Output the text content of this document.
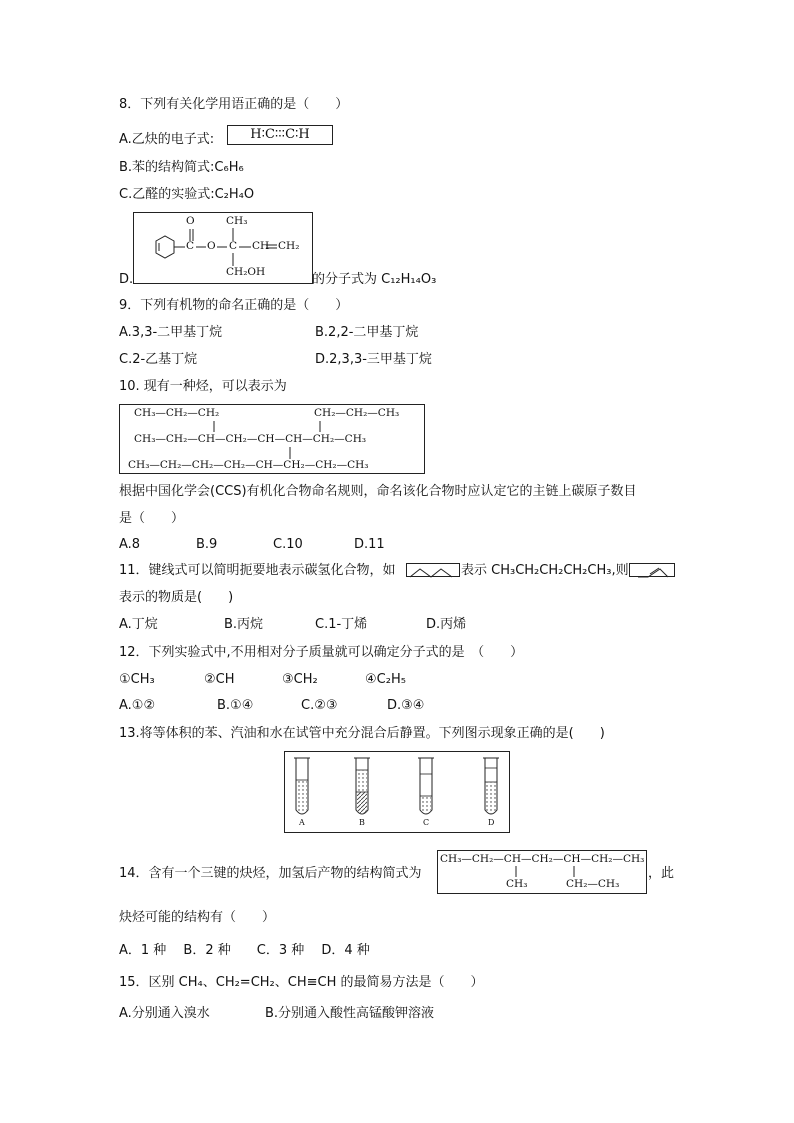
8．下列有关化学用语正确的是（　　）
A.乙炔的电子式:	H∶C∶∶∶C∶H
B.苯的结构简式:C₆H₆
C.乙醛的实验式:C₂H₄O
O	CH₃
C O C CH CH₂
CH₂OH
D.	的分子式为 C₁₂H₁₄O₃
9．下列有机物的命名正确的是（　　）
A.3,3-二甲基丁烷	B.2,2-二甲基丁烷
C.2-乙基丁烷	D.2,3,3-三甲基丁烷
10. 现有一种烃，可以表示为
CH₃—CH₂—CH₂	CH₂—CH₂—CH₃
CH₃—CH₂—CH—CH₂—CH—CH—CH₂—CH₃
CH₃—CH₂—CH₂—CH₂—CH—CH₂—CH₂—CH₃
根据中国化学会(CCS)有机化合物命名规则，命名该化合物时应认定它的主链上碳原子数目
是（　　）
A.8	B.9	C.10	D.11
11．键线式可以简明扼要地表示碳氢化合物，如	表示 CH₃CH₂CH₂CH₂CH₃,则
表示的物质是(　　)
A.丁烷	B.丙烷	C.1-丁烯	D.丙烯
12．下列实验式中,不用相对分子质量就可以确定分子式的是　（　　）
①CH₃	②CH	③CH₂	④C₂H₅
A.①②	B.①④	C.②③	D.③④
13.将等体积的苯、汽油和水在试管中充分混合后静置。下列图示现象正确的是(　　)
A	B	C	D
14．含有一个三键的炔烃，加氢后产物的结构简式为
CH₃—CH₂—CH—CH₂—CH—CH₂—CH₃
CH₃	CH₂—CH₃
，此
炔烃可能的结构有（　　）
A．1 种　 B．2 种　　C．3 种　 D．4 种
15．区别 CH₄、CH₂=CH₂、CH≡CH 的最简易方法是（　　）
A.分别通入溴水	B.分别通入酸性高锰酸钾溶液
